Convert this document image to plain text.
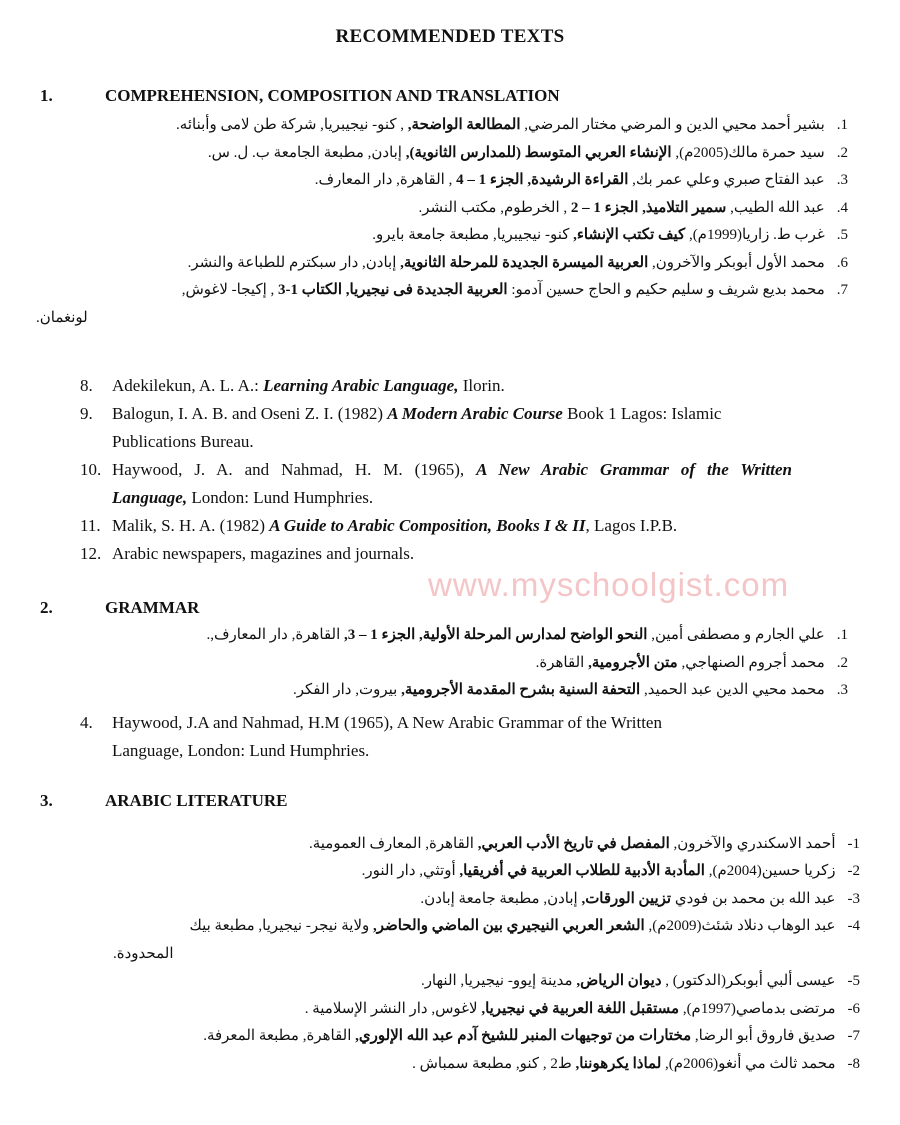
RECOMMENDED TEXTS
www.myschoolgist.com
1.	COMPREHENSION, COMPOSITION AND TRANSLATION
1.بشير أحمد محيي الدين و المرضي مختار المرضي, المطالعة الواضحة, , كنو- نيجيبريا, شركة طن لامى وأبنائه.
2.سيد حمرة مالك(2005م), الإنشاء العربي المتوسط (للمدارس الثانوية), إبادن, مطبعة الجامعة ب. ل. س.
3.عبد الفتاح صبري وعلي عمر بك, القراءة الرشيدة, الجزء 1 – 4 , القاهرة, دار المعارف.
4.عبد الله الطيب, سمير التلاميذ, الجزء 1 – 2 , الخرطوم, مكتب النشر.
5.غرب ط. زاريا(1999م), كيف تكتب الإنشاء, كنو- نيجيبريا, مطبعة جامعة بايرو.
6.محمد الأول أبوبكر والآخرون, العربية الميسرة الجديدة للمرحلة الثانوية, إبادن, دار سبكترم للطباعة والنشر.
7.محمد بديع شريف و سليم حكيم و الحاج حسين آدمو: العربية الجديدة فى نيجيريا, الكتاب 1-3 , إكيجا- لاغوش,
لونغمان.
8. Adekilekun, A. L. A.: Learning Arabic Language, Ilorin.
9. Balogun, I. A. B. and Oseni Z. I. (1982) A Modern Arabic Course Book 1 Lagos: Islamic
Publications Bureau.
10. Haywood, J. A. and Nahmad, H. M. (1965), A New Arabic Grammar of the Written
Language, London: Lund Humphries.
11. Malik, S. H. A. (1982) A Guide to Arabic Composition, Books I & II, Lagos I.P.B.
12. Arabic newspapers, magazines and journals.
2.	GRAMMAR
1.علي الجارم و مصطفى أمين, النحو الواضح لمدارس المرحلة الأولية, الجزء 1 – 3, القاهرة, دار المعارف,.
2.محمد أجروم الصنهاجي, متن الأجرومية, القاهرة.
3.محمد محيي الدين عبد الحميد, التحفة السنية بشرح المقدمة الأجرومية, بيروت, دار الفكر.
4. Haywood, J.A and Nahmad, H.M (1965), A New Arabic Grammar of the Written
Language, London: Lund Humphries.
3.	ARABIC LITERATURE
1-أحمد الاسكندري والآخرون, المفصل في تاريخ الأدب العربي, القاهرة, المعارف العمومية.
2-زكريا حسين(2004م), المأدبة الأدبية للطلاب العربية في أفريقيا, أوتثي, دار النور.
3-عبد الله بن محمد بن فودي تزيين الورقات, إبادن, مطبعة جامعة إبادن.
4-عبد الوهاب دنلاد شئث(2009م), الشعر العربي النيجيري بين الماضي والحاضر, ولاية نيجر- نيجيريا, مطبعة بيك
المحدودة.
5-عيسى ألبي أبوبكر(الدكتور) , ديوان الرياض, مدينة إيوو- نيجيريا, النهار.
6-مرتضى بدماصي(1997م), مستقبل اللغة العربية في نيجيريا, لاغوس, دار النشر الإسلامية .
7-صديق فاروق أبو الرضا, مختارات من توجيهات المنبر للشيخ آدم عبد الله الإلوري, القاهرة, مطبعة المعرفة.
8-محمد ثالث مي أنغو(2006م), لماذا يكرهوننا, ط2 , كنو, مطبعة سمباش .
